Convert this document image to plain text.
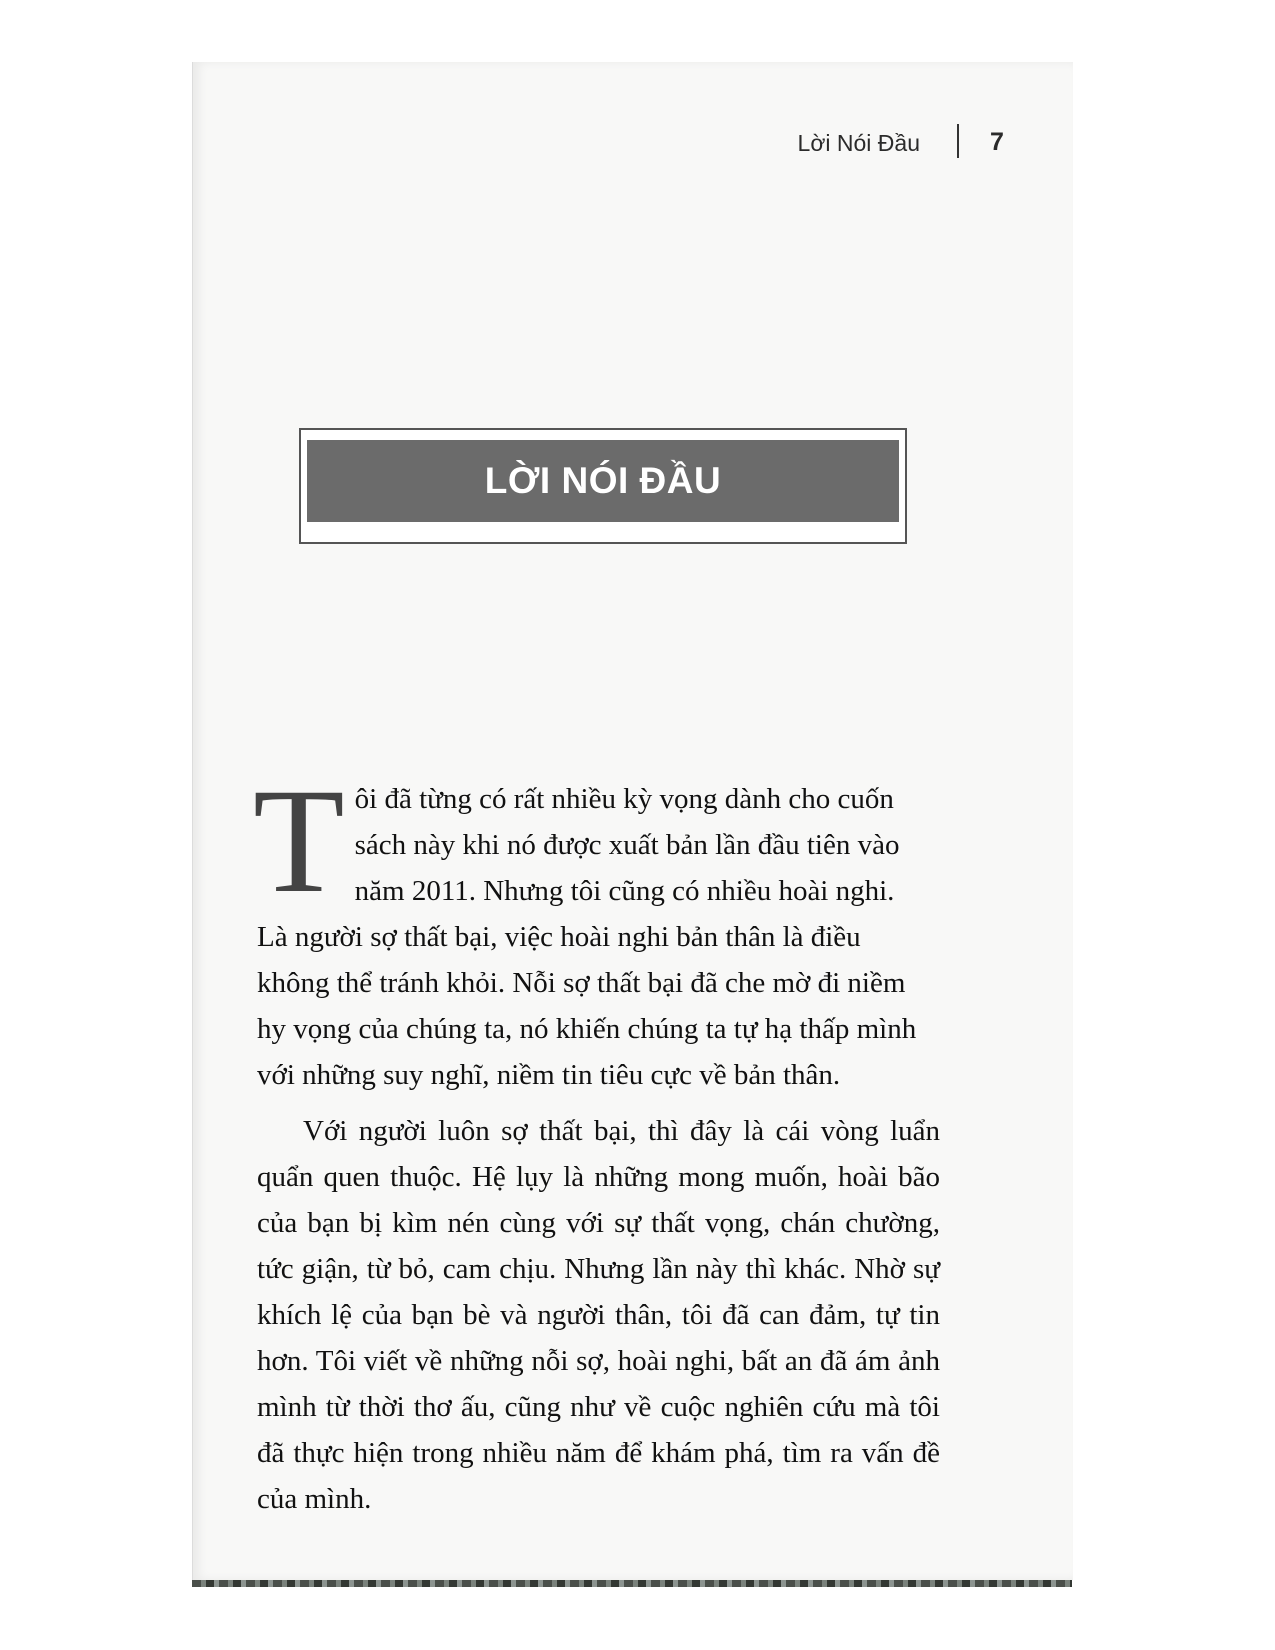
Lời Nói Đầu	7
LỜI NÓI ĐẦU

T ôi đã từng có rất nhiều kỳ vọng dành cho cuốn
sách này khi nó được xuất bản lần đầu tiên vào
năm 2011. Nhưng tôi cũng có nhiều hoài nghi.
Là người sợ thất bại, việc hoài nghi bản thân là điều
không thể tránh khỏi. Nỗi sợ thất bại đã che mờ đi niềm
hy vọng của chúng ta, nó khiến chúng ta tự hạ thấp mình
với những suy nghĩ, niềm tin tiêu cực về bản thân.

Với người luôn sợ thất bại, thì đây là cái vòng luẩn quẩn quen thuộc. Hệ lụy là những mong muốn, hoài bão của bạn bị kìm nén cùng với sự thất vọng, chán chường, tức giận, từ bỏ, cam chịu. Nhưng lần này thì khác. Nhờ sự khích lệ của bạn bè và người thân, tôi đã can đảm, tự tin hơn. Tôi viết về những nỗi sợ, hoài nghi, bất an đã ám ảnh mình từ thời thơ ấu, cũng như về cuộc nghiên cứu mà tôi đã thực hiện trong nhiều năm để khám phá, tìm ra vấn đề của mình.
